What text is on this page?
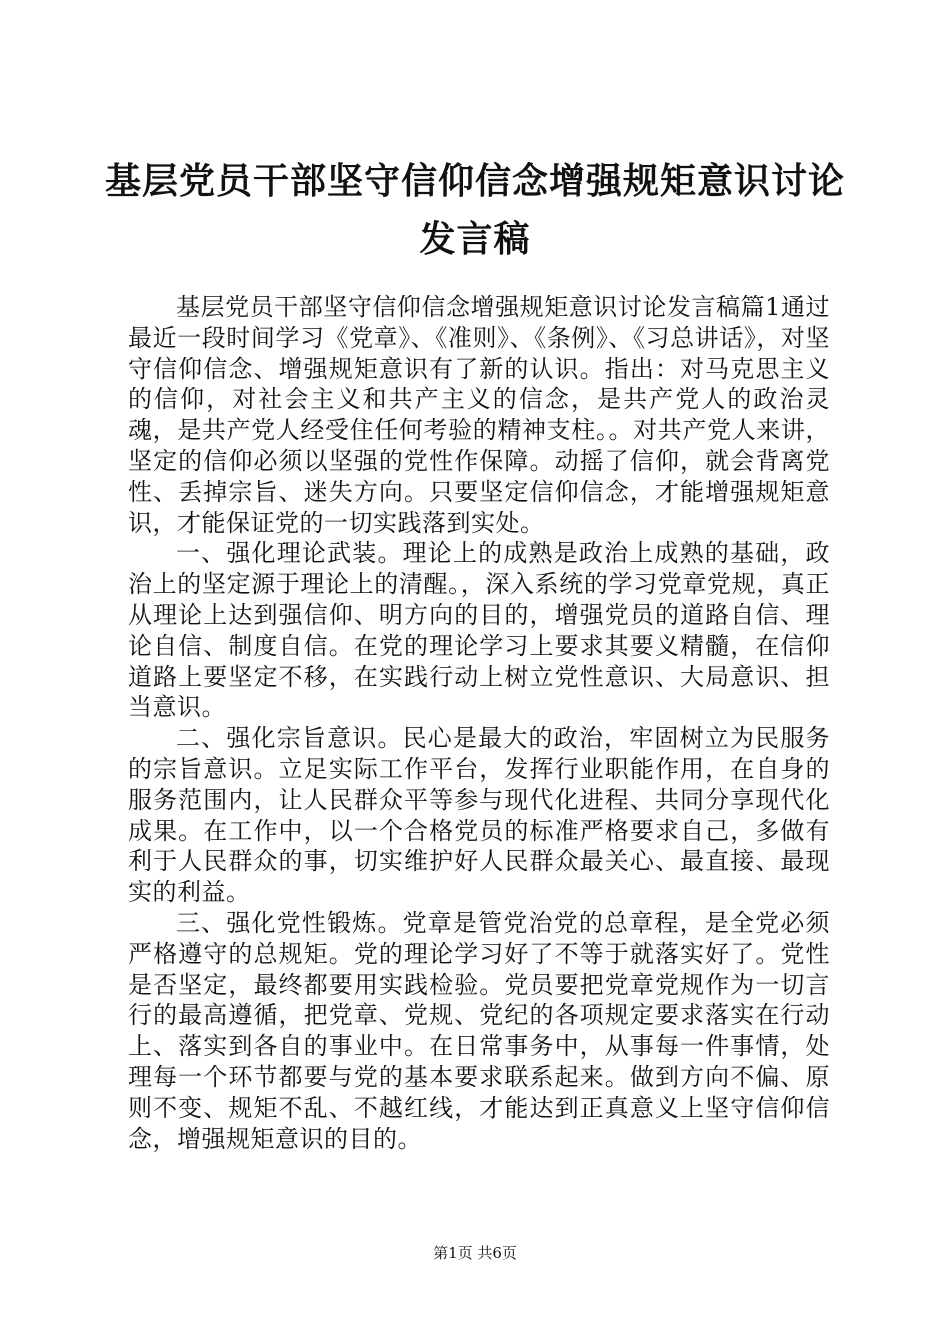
基层党员干部坚守信仰信念增强规矩意识讨论
发言稿

基层党员干部坚守信仰信念增强规矩意识讨论发言稿篇1通过最近一段时间学习《党章》、《准则》、《条例》、《习总讲话》，对坚守信仰信念、增强规矩意识有了新的认识。指出：对马克思主义的信仰，对社会主义和共产主义的信念，是共产党人的政治灵魂，是共产党人经受住任何考验的精神支柱。。对共产党人来讲，坚定的信仰必须以坚强的党性作保障。动摇了信仰，就会背离党性、丢掉宗旨、迷失方向。只要坚定信仰信念，才能增强规矩意识，才能保证党的一切实践落到实处。

一、强化理论武装。理论上的成熟是政治上成熟的基础，政治上的坚定源于理论上的清醒。，深入系统的学习党章党规，真正从理论上达到强信仰、明方向的目的，增强党员的道路自信、理论自信、制度自信。在党的理论学习上要求其要义精髓，在信仰道路上要坚定不移，在实践行动上树立党性意识、大局意识、担当意识。

二、强化宗旨意识。民心是最大的政治，牢固树立为民服务的宗旨意识。立足实际工作平台，发挥行业职能作用，在自身的服务范围内，让人民群众平等参与现代化进程、共同分享现代化成果。在工作中，以一个合格党员的标准严格要求自己，多做有利于人民群众的事，切实维护好人民群众最关心、最直接、最现实的利益。

三、强化党性锻炼。党章是管党治党的总章程，是全党必须严格遵守的总规矩。党的理论学习好了不等于就落实好了。党性是否坚定，最终都要用实践检验。党员要把党章党规作为一切言行的最高遵循，把党章、党规、党纪的各项规定要求落实在行动上、落实到各自的事业中。在日常事务中，从事每一件事情，处理每一个环节都要与党的基本要求联系起来。做到方向不偏、原则不变、规矩不乱、不越红线，才能达到正真意义上坚守信仰信念，增强规矩意识的目的。

第1页 共6页
